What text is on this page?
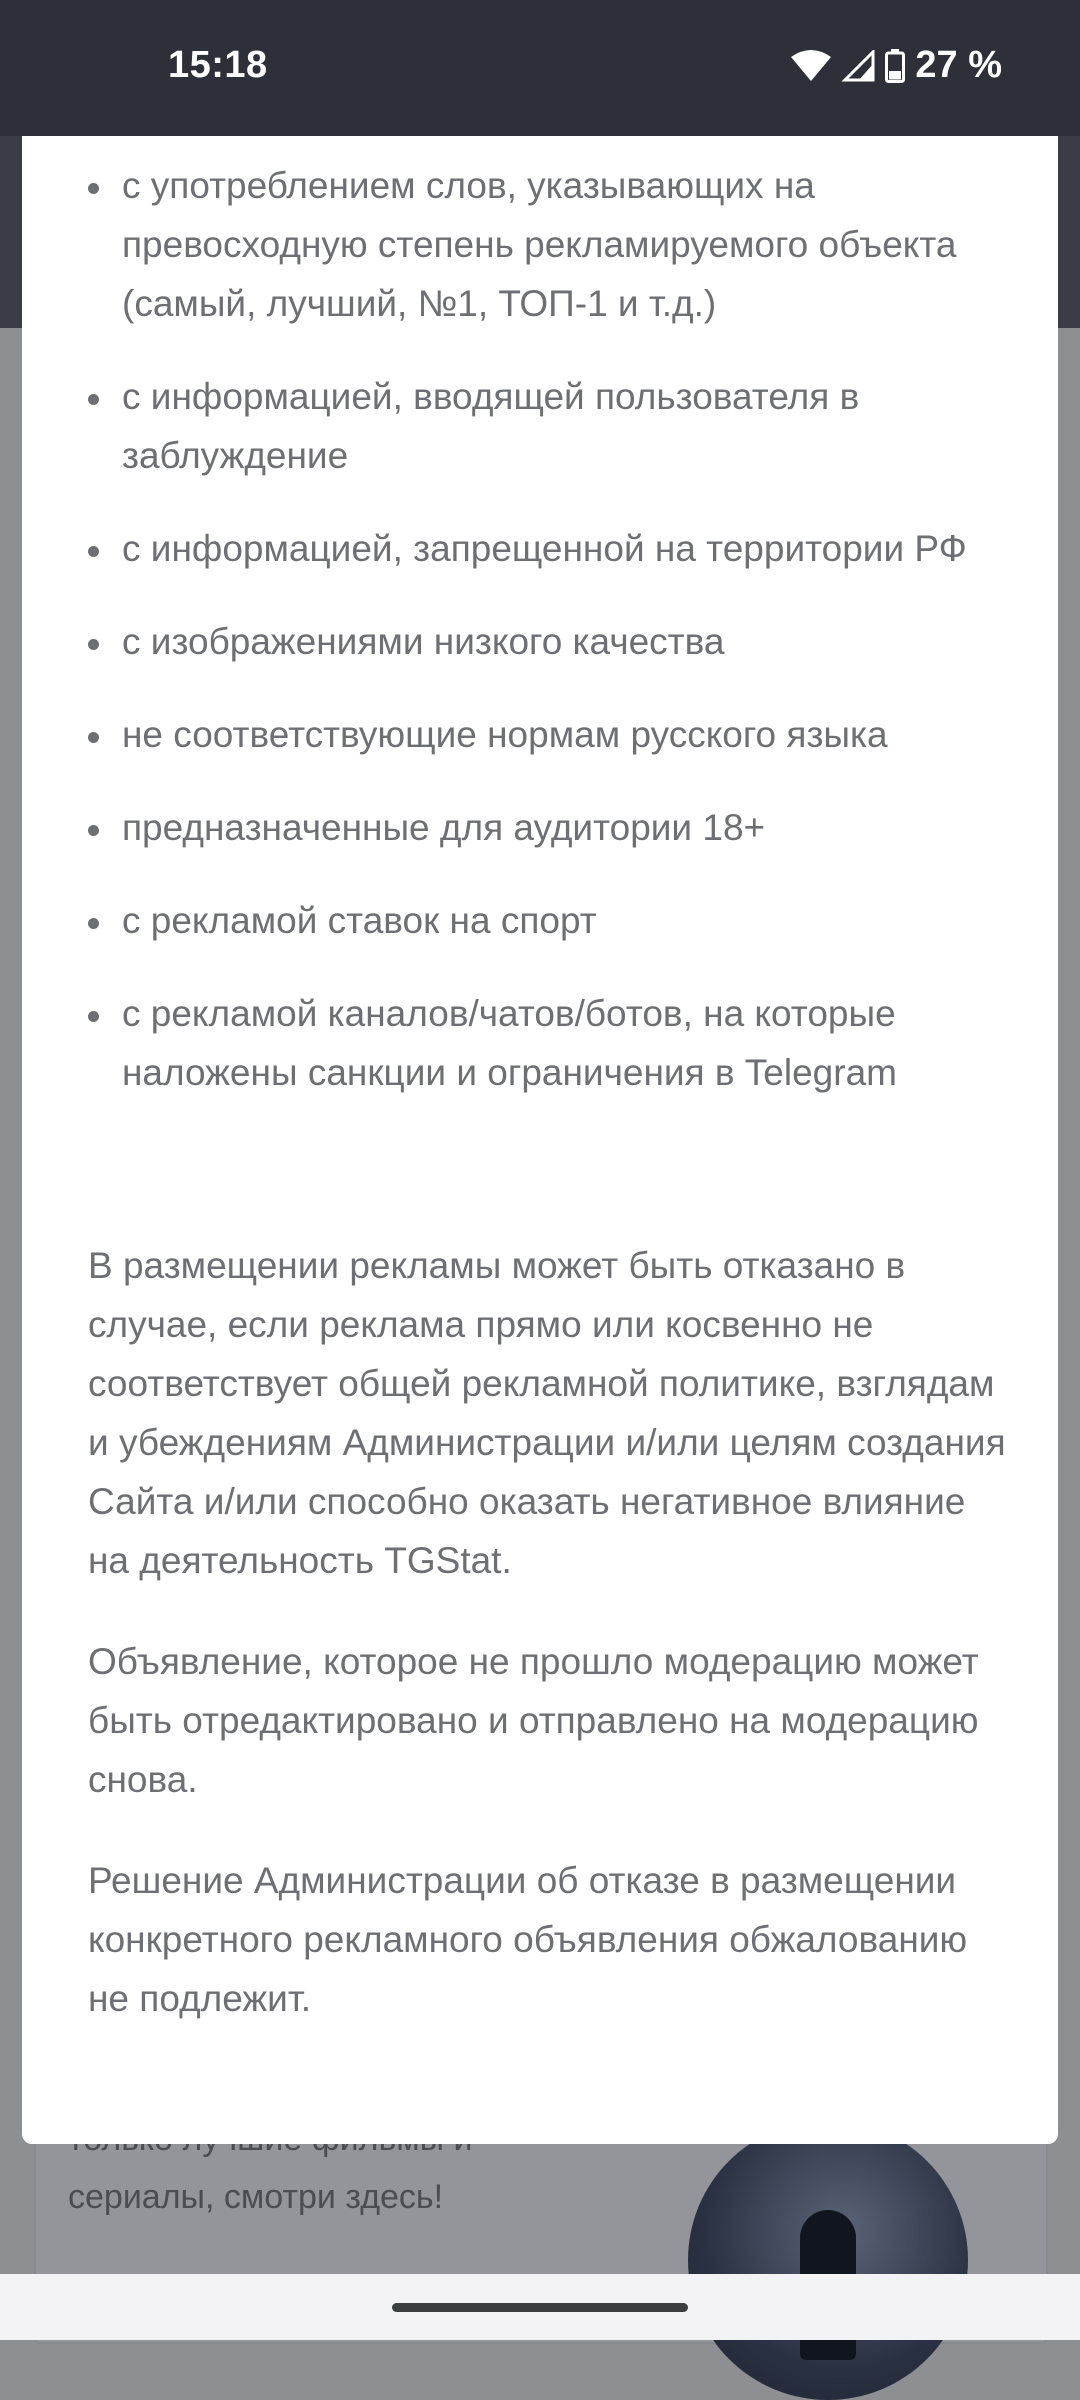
15:18	27 %
сериалы, смотри здесь!
с употреблением слов, указывающих на превосходную степень рекламируемого объекта (самый, лучший, №1, ТОП-1 и т.д.)
с информацией, вводящей пользователя в заблуждение
с информацией, запрещенной на территории РФ
с изображениями низкого качества
не соответствующие нормам русского языка
предназначенные для аудитории 18+
с рекламой ставок на спорт
с рекламой каналов/чатов/ботов, на которые наложены санкции и ограничения в Telegram

В размещении рекламы может быть отказано в случае, если реклама прямо или косвенно не соответствует общей рекламной политике, взглядам и убеждениям Администрации и/или целям создания Сайта и/или способно оказать негативное влияние на деятельность TGStat.

Объявление, которое не прошло модерацию может быть отредактировано и отправлено на модерацию снова.

Решение Администрации об отказе в размещении конкретного рекламного объявления обжалованию не подлежит.
